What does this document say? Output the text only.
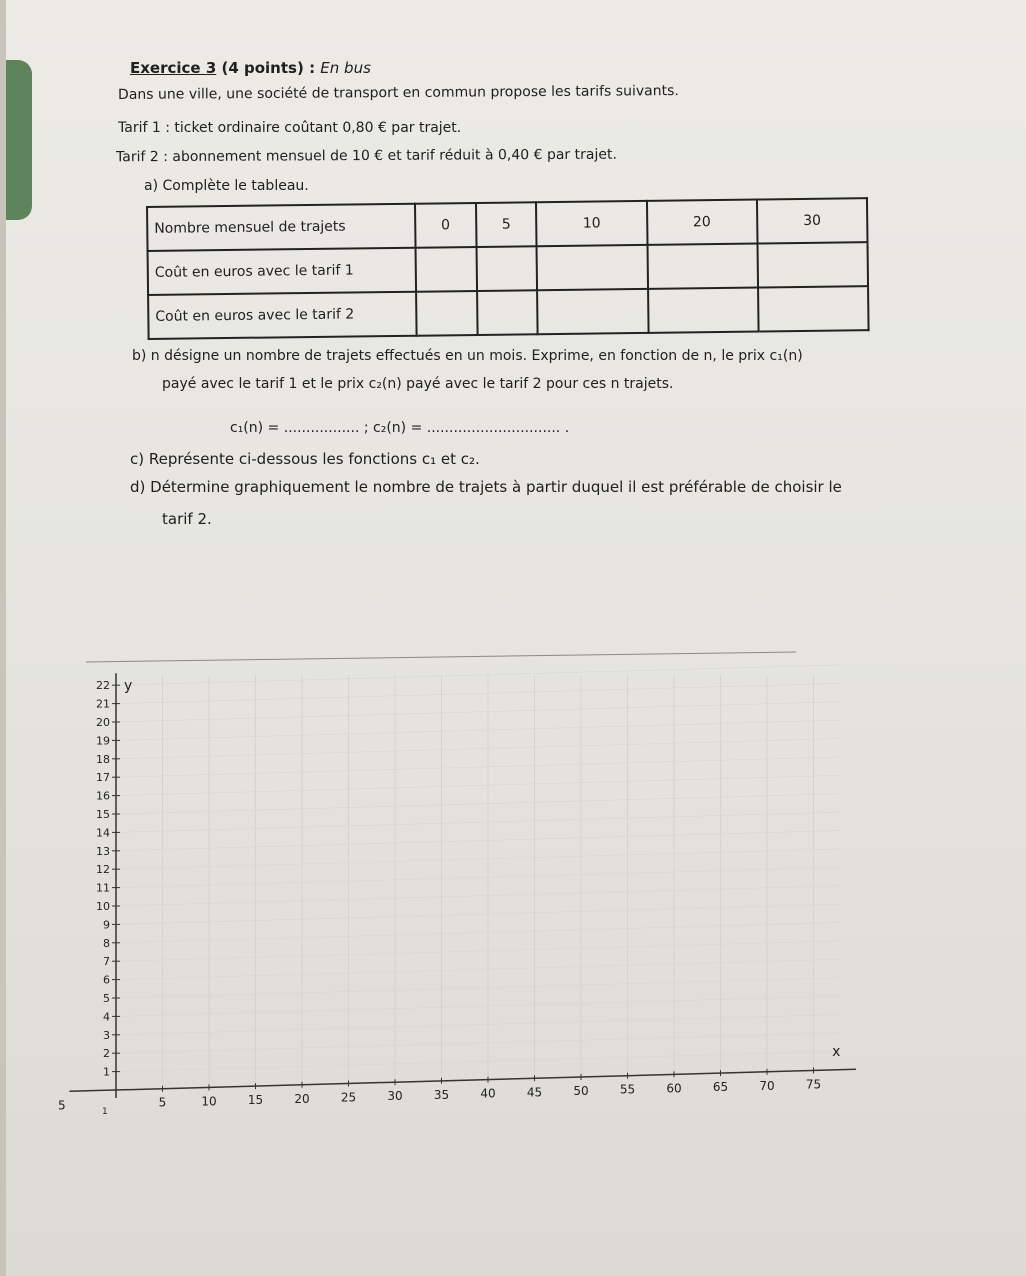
Exercice 3 (4 points) : En bus
Dans une ville, une société de transport en commun propose les tarifs suivants.
Tarif 1 : ticket ordinaire coûtant 0,80 € par trajet.
Tarif 2 : abonnement mensuel de 10 € et tarif réduit à 0,40 € par trajet.
a) Complète le tableau.
Nombre mensuel de trajets	0	5	10	20	30
Coût en euros avec le tarif 1					
Coût en euros avec le tarif 2					
b) n désigne un nombre de trajets effectués en un mois. Exprime, en fonction de n, le prix c₁(n)
payé avec le tarif 1 et le prix c₂(n) payé avec le tarif 2 pour ces n trajets.
c₁(n) = ................. ; c₂(n) = .............................. .
c) Représente ci-dessous les fonctions c₁ et c₂.
d) Détermine graphiquement le nombre de trajets à partir duquel il est préférable de choisir le
tarif 2.
5	10	15	20	25	30	35	40	45	50	55	60	65	70	75
1
2
3
4
5
6
7
8
9
10
11
12
13
14
15
16
17
18
19
20
21
22
x
y
5	1
